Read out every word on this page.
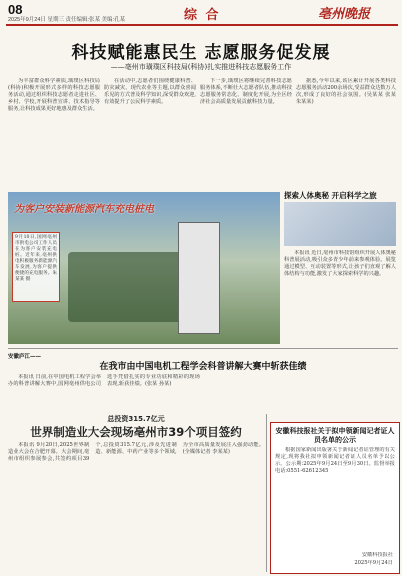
08
2025年9月24日 星期三 责任编辑:张某 美编:孔某	综 合	亳州晚报
科技赋能惠民生 志愿服务促发展
——亳州市璜璞区科技局(科协)扎实推进科技志愿服务工作

为丰富群众科学素质,璜璞区科技局(科协)积极开展形式多样的科技志愿服务活动,通过组织科技志愿者走进社区、乡村、学校,开展科普宣讲、技术指导等服务,让科技成果更好地惠及群众生活。

在活动中,志愿者们围绕健康科普、防灾减灾、现代农业等主题,以群众喜闻乐见的方式普及科学知识,深受群众欢迎,有效提升了公民科学素质。

下一步,璜璞区将继续完善科技志愿服务体系,不断壮大志愿者队伍,推动科技志愿服务常态化、制度化开展,为全区经济社会高质量发展贡献科技力量。

据悉,今年以来,该区累计开展各类科技志愿服务活动200余场次,受益群众达数万人次,形成了良好的社会氛围。(吴某某 张某 朱某某)

为客户安装新能源汽车充电桩电
9月10日,国网亳州市供电公司工作人员在为客户安装充电桩。近年来,亳州供电积极服务新能源汽车发展,为客户提供便捷的充电服务。朱某某 摄
探索人体奥秘 开启科学之旅

本报讯 近日,亳州市科技馆组织开展人体奥秘科普展活动,吸引众多青少年前来参观体验。展览通过模型、互动装置等形式,让孩子们直观了解人体结构与功能,激发了大家探索科学的兴趣。

安徽庐江——
在我市由中国电机工程学会科普讲解大赛中斩获佳绩

本报讯 日前,在中国电机工程学会举办的科普讲解大赛中,国网亳州供电公司选手凭借扎实的专业功底和精彩的现场表现,斩获佳绩。(张某 孙某)

总投资315.7亿元
世界制造业大会现场亳州市39个项目签约

本报讯 9月20日,2025世界制造业大会在合肥开幕。大会期间,亳州市组织参展参会,共签约项目39个,总投资315.7亿元,涉及先进制造、新能源、中药产业等多个领域,为全市高质量发展注入强劲动能。(全媒体记者 李某某)

安徽科技报社关于拟申领新闻记者证人员名单的公示

根据国家新闻出版署关于新闻记者证管理的有关规定,现将我社拟申领新闻记者证人员名单予以公示。公示期:2025年9月24日至9月30日。监督举报电话:0551-62612345

安徽科技报社
2025年9月24日
